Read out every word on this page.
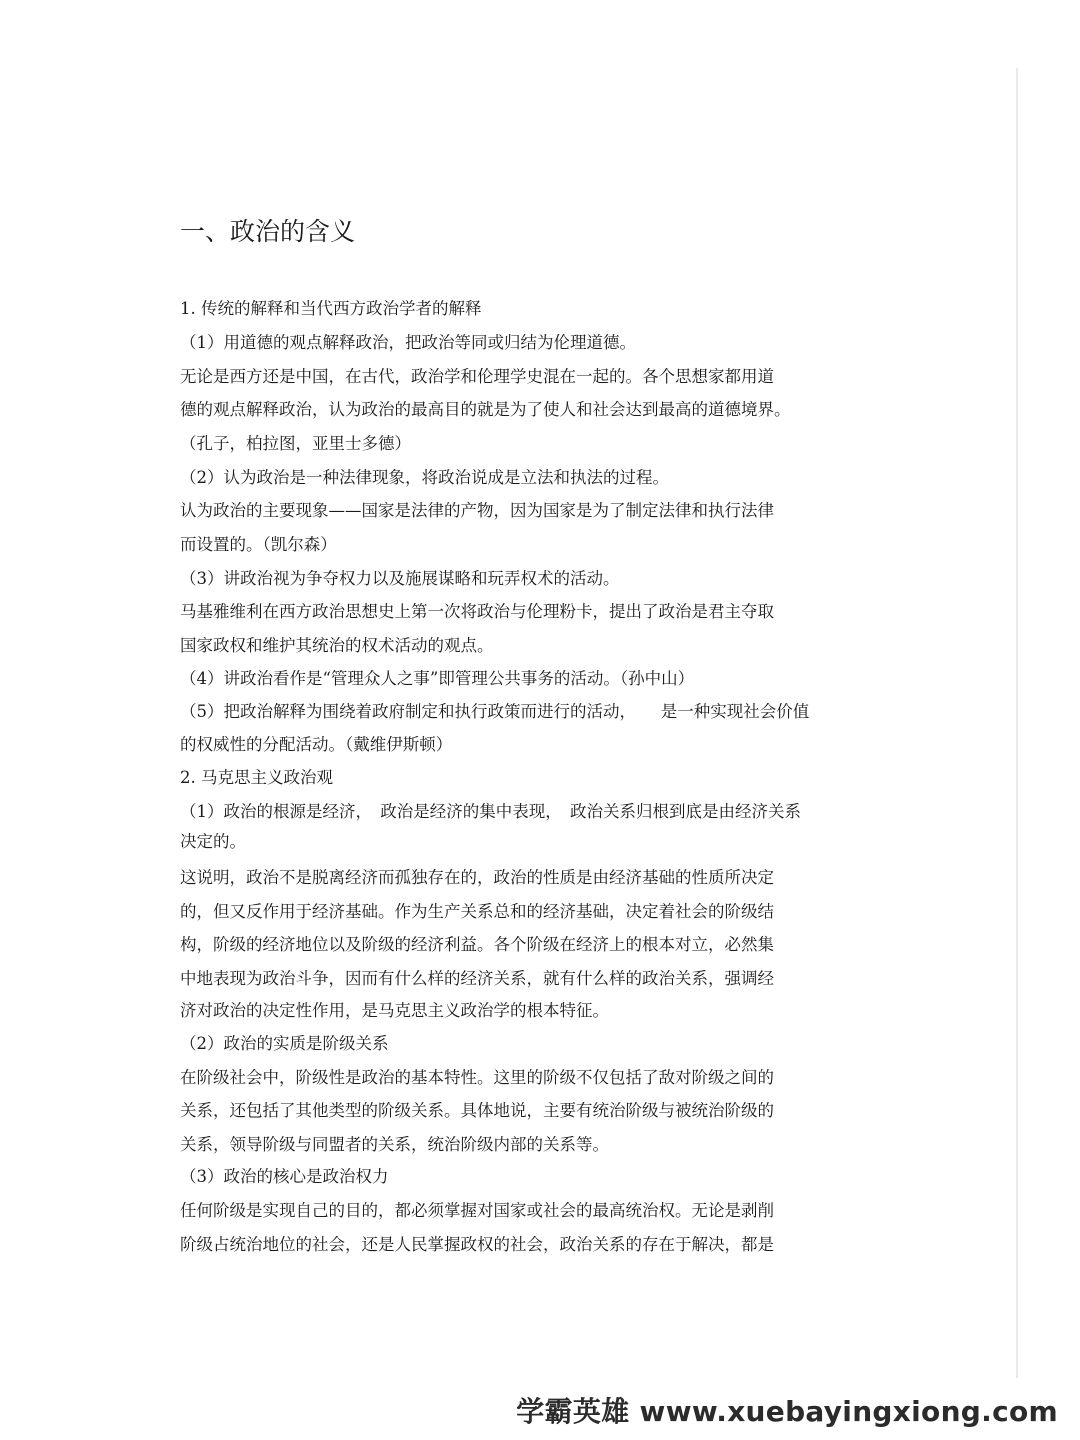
一、政治的含义
1. 传统的解释和当代西方政治学者的解释
（1）用道德的观点解释政治，把政治等同或归结为伦理道德。
无论是西方还是中国，在古代，政治学和伦理学史混在一起的。各个思想家都用道
德的观点解释政治，认为政治的最高目的就是为了使人和社会达到最高的道德境界。
（孔子，柏拉图，亚里士多德）
（2）认为政治是一种法律现象，将政治说成是立法和执法的过程。
认为政治的主要现象——国家是法律的产物，因为国家是为了制定法律和执行法律
而设置的。（凯尔森）
（3）讲政治视为争夺权力以及施展谋略和玩弄权术的活动。
马基雅维利在西方政治思想史上第一次将政治与伦理粉卡，提出了政治是君主夺取
国家政权和维护其统治的权术活动的观点。
（4）讲政治看作是“管理众人之事”即管理公共事务的活动。（孙中山）
（5）把政治解释为围绕着政府制定和执行政策而进行的活动，　　是一种实现社会价值
的权威性的分配活动。（戴维伊斯顿）
2. 马克思主义政治观
（1）政治的根源是经济，　政治是经济的集中表现，　政治关系归根到底是由经济关系
决定的。
这说明，政治不是脱离经济而孤独存在的，政治的性质是由经济基础的性质所决定
的，但又反作用于经济基础。作为生产关系总和的经济基础，决定着社会的阶级结
构，阶级的经济地位以及阶级的经济利益。各个阶级在经济上的根本对立，必然集
中地表现为政治斗争，因而有什么样的经济关系，就有什么样的政治关系，强调经
济对政治的决定性作用，是马克思主义政治学的根本特征。
（2）政治的实质是阶级关系
在阶级社会中，阶级性是政治的基本特性。这里的阶级不仅包括了敌对阶级之间的
关系，还包括了其他类型的阶级关系。具体地说，主要有统治阶级与被统治阶级的
关系，领导阶级与同盟者的关系，统治阶级内部的关系等。
（3）政治的核心是政治权力
任何阶级是实现自己的目的，都必须掌握对国家或社会的最高统治权。无论是剥削
阶级占统治地位的社会，还是人民掌握政权的社会，政治关系的存在于解决，都是
学霸英雄 www.xuebayingxiong.com
